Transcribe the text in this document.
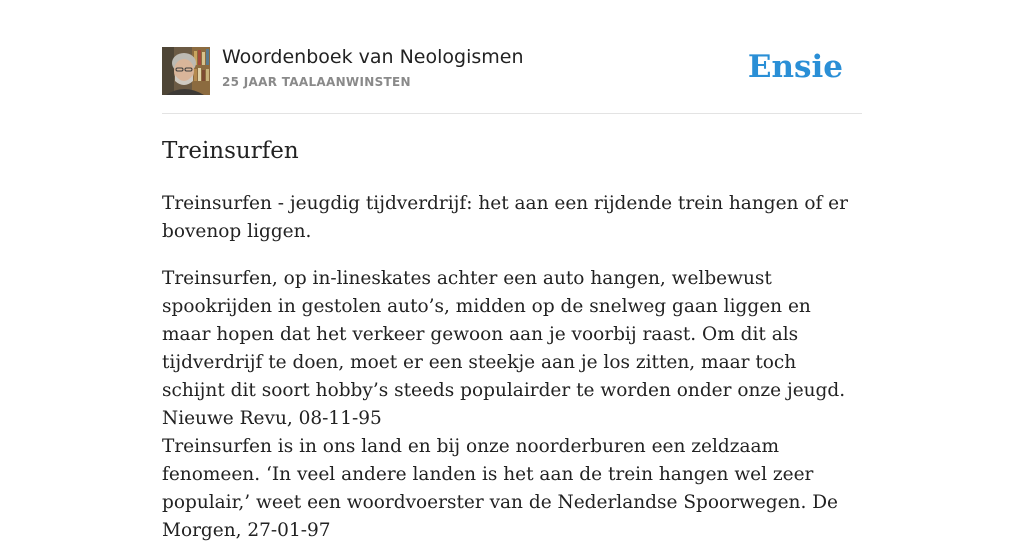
Woordenboek van Neologismen
25 JAAR TAALAANWINSTEN	Ensie
Treinsurfen

Treinsurfen - jeugdig tijdverdrijf: het aan een rijdende trein hangen of er bovenop liggen.

Treinsurfen, op in-lineskates achter een auto hangen, welbewust spookrijden in gestolen auto’s, midden op de snelweg gaan liggen en maar hopen dat het verkeer gewoon aan je voorbij raast. Om dit als tijdverdrijf te doen, moet er een steekje aan je los zitten, maar toch schijnt dit soort hobby’s steeds populairder te worden onder onze jeugd. Nieuwe Revu, 08-11-95

Treinsurfen is in ons land en bij onze noorderburen een zeldzaam fenomeen. ‘In veel andere landen is het aan de trein hangen wel zeer populair,’ weet een woordvoerster van de Nederlandse Spoorwegen. De Morgen, 27-01-97
